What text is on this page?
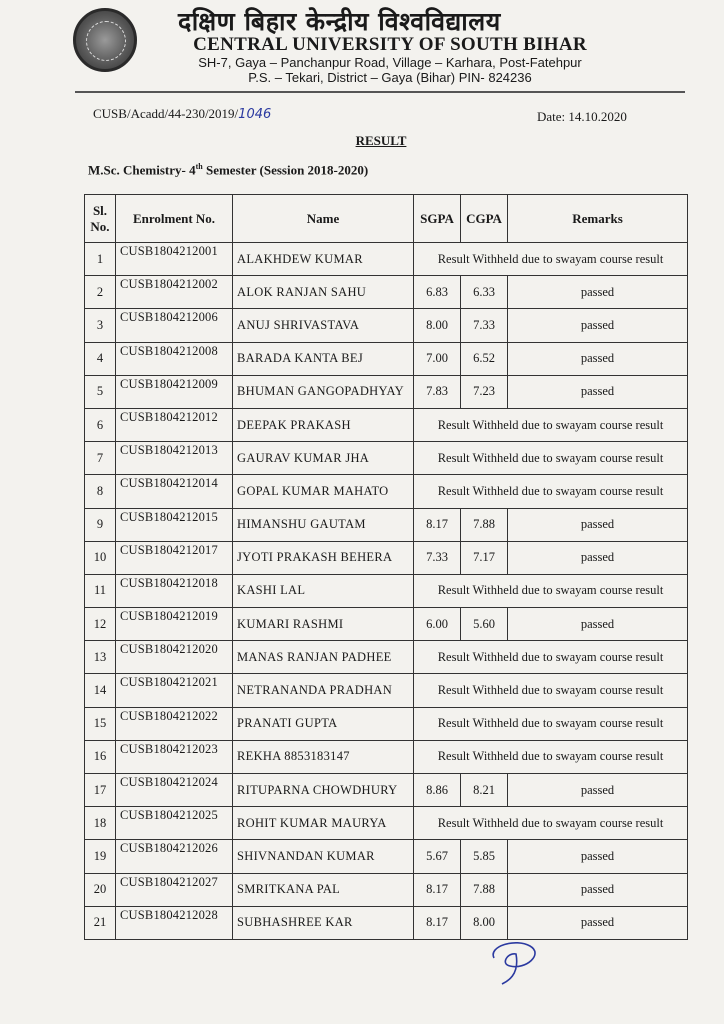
दक्षिण बिहार केन्द्रीय विश्वविद्यालय
CENTRAL UNIVERSITY OF SOUTH BIHAR
SH-7, Gaya – Panchanpur Road, Village – Karhara, Post-Fatehpur
P.S. – Tekari, District – Gaya (Bihar) PIN- 824236
CUSB/Acadd/44-230/2019/1046	Date: 14.10.2020
RESULT
M.Sc. Chemistry- 4th Semester (Session 2018-2020)
Sl. No.	Enrolment No.	Name	SGPA	CGPA	Remarks
1	CUSB1804212001	ALAKHDEW KUMAR	Result Withheld due to swayam course result		
2	CUSB1804212002	ALOK RANJAN SAHU	6.83	6.33	passed
3	CUSB1804212006	ANUJ SHRIVASTAVA	8.00	7.33	passed
4	CUSB1804212008	BARADA KANTA BEJ	7.00	6.52	passed
5	CUSB1804212009	BHUMAN GANGOPADHYAY	7.83	7.23	passed
6	CUSB1804212012	DEEPAK PRAKASH	Result Withheld due to swayam course result		
7	CUSB1804212013	GAURAV KUMAR JHA	Result Withheld due to swayam course result		
8	CUSB1804212014	GOPAL KUMAR MAHATO	Result Withheld due to swayam course result		
9	CUSB1804212015	HIMANSHU GAUTAM	8.17	7.88	passed
10	CUSB1804212017	JYOTI PRAKASH BEHERA	7.33	7.17	passed
11	CUSB1804212018	KASHI LAL	Result Withheld due to swayam course result		
12	CUSB1804212019	KUMARI RASHMI	6.00	5.60	passed
13	CUSB1804212020	MANAS RANJAN PADHEE	Result Withheld due to swayam course result		
14	CUSB1804212021	NETRANANDA PRADHAN	Result Withheld due to swayam course result		
15	CUSB1804212022	PRANATI GUPTA	Result Withheld due to swayam course result		
16	CUSB1804212023	REKHA 8853183147	Result Withheld due to swayam course result		
17	CUSB1804212024	RITUPARNA CHOWDHURY	8.86	8.21	passed
18	CUSB1804212025	ROHIT KUMAR MAURYA	Result Withheld due to swayam course result		
19	CUSB1804212026	SHIVNANDAN KUMAR	5.67	5.85	passed
20	CUSB1804212027	SMRITKANA PAL	8.17	7.88	passed
21	CUSB1804212028	SUBHASHREE KAR	8.17	8.00	passed
